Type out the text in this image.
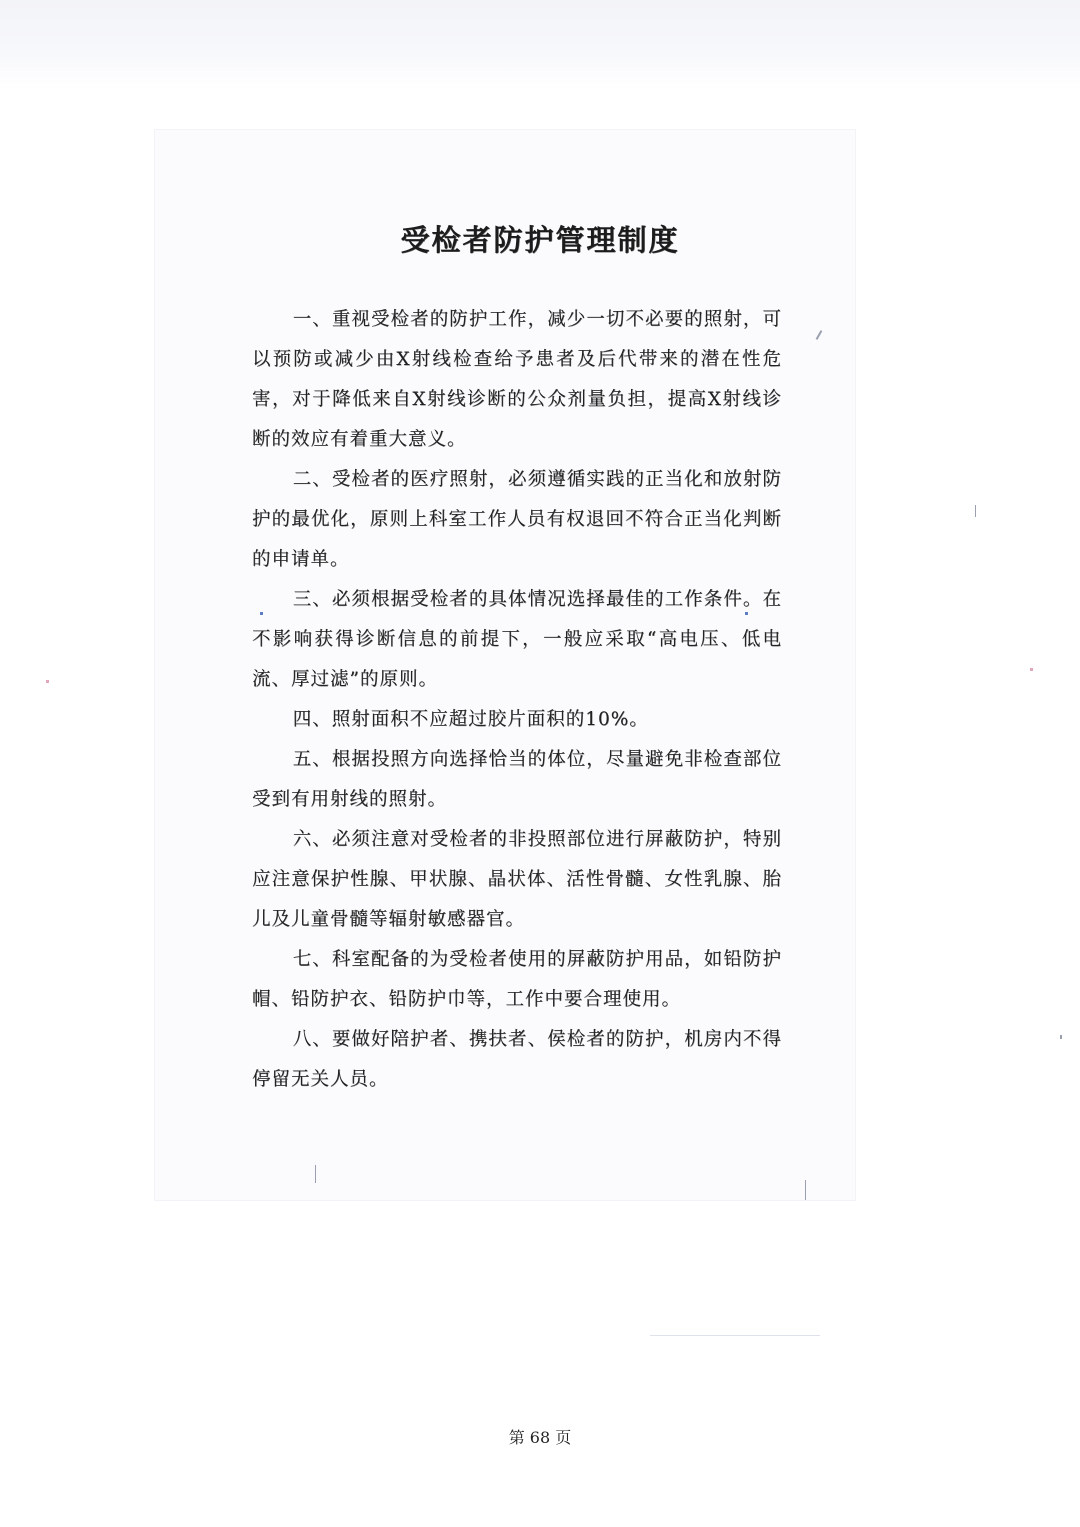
受检者防护管理制度

一、重视受检者的防护工作，减少一切不必要的照射，可以预防或减少由X射线检查给予患者及后代带来的潜在性危害，对于降低来自X射线诊断的公众剂量负担，提高X射线诊断的效应有着重大意义。

二、受检者的医疗照射，必须遵循实践的正当化和放射防护的最优化，原则上科室工作人员有权退回不符合正当化判断的申请单。

三、必须根据受检者的具体情况选择最佳的工作条件。在不影响获得诊断信息的前提下，一般应采取“高电压、低电流、厚过滤”的原则。

四、照射面积不应超过胶片面积的10%。

五、根据投照方向选择恰当的体位，尽量避免非检查部位受到有用射线的照射。

六、必须注意对受检者的非投照部位进行屏蔽防护，特别应注意保护性腺、甲状腺、晶状体、活性骨髓、女性乳腺、胎儿及儿童骨髓等辐射敏感器官。

七、科室配备的为受检者使用的屏蔽防护用品，如铅防护帽、铅防护衣、铅防护巾等，工作中要合理使用。

八、要做好陪护者、携扶者、侯检者的防护，机房内不得停留无关人员。

第 68 页
